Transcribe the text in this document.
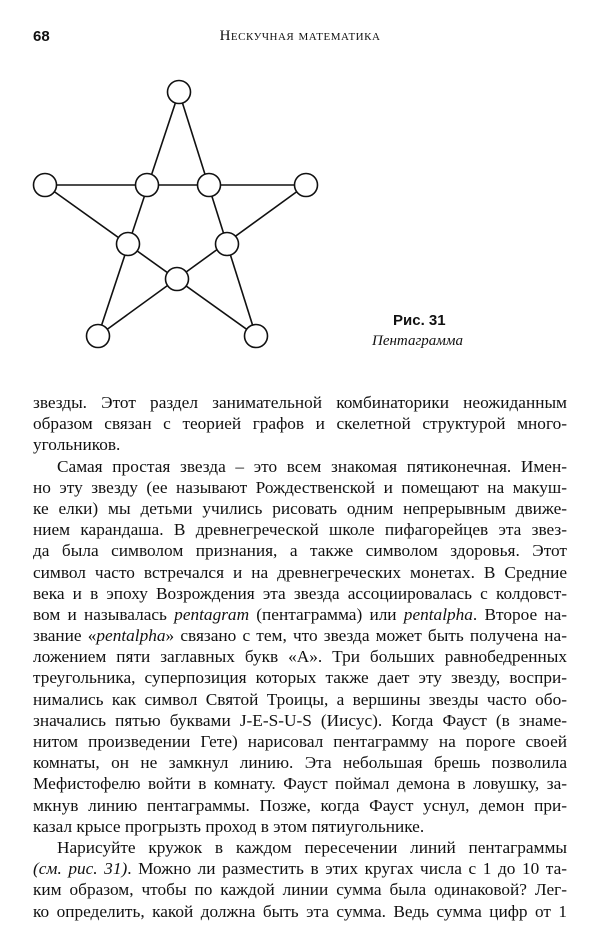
68	Нескучная математика
Рис. 31
Пентаграмма
звезды. Этот раздел занимательной комбинаторики неожиданным
образом связан с теорией графов и скелетной структурой много-
угольников.
Самая простая звезда – это всем знакомая пятиконечная. Имен-
но эту звезду (ее называют Рождественской и помещают на макуш-
ке елки) мы детьми учились рисовать одним непрерывным движе-
нием карандаша. В древнегреческой школе пифагорейцев эта звез-
да была символом признания, а также символом здоровья. Этот
символ часто встречался и на древнегреческих монетах. В Средние
века и в эпоху Возрождения эта звезда ассоциировалась с колдовст-
вом и называлась pentagram (пентаграмма) или pentalpha. Второе на-
звание «pentalpha» связано с тем, что звезда может быть получена на-
ложением пяти заглавных букв «А». Три больших равнобедренных
треугольника, суперпозиция которых также дает эту звезду, воспри-
нимались как символ Святой Троицы, а вершины звезды часто обо-
значались пятью буквами J-E-S-U-S (Иисус). Когда Фауст (в знаме-
нитом произведении Гете) нарисовал пентаграмму на пороге своей
комнаты, он не замкнул линию. Эта небольшая брешь позволила
Мефистофелю войти в комнату. Фауст поймал демона в ловушку, за-
мкнув линию пентаграммы. Позже, когда Фауст уснул, демон при-
казал крысе прогрызть проход в этом пятиугольнике.
Нарисуйте кружок в каждом пересечении линий пентаграммы
(см. рис. 31). Можно ли разместить в этих кругах числа с 1 до 10 та-
ким образом, чтобы по каждой линии сумма была одинаковой? Лег-
ко определить, какой должна быть эта сумма. Ведь сумма цифр от 1
